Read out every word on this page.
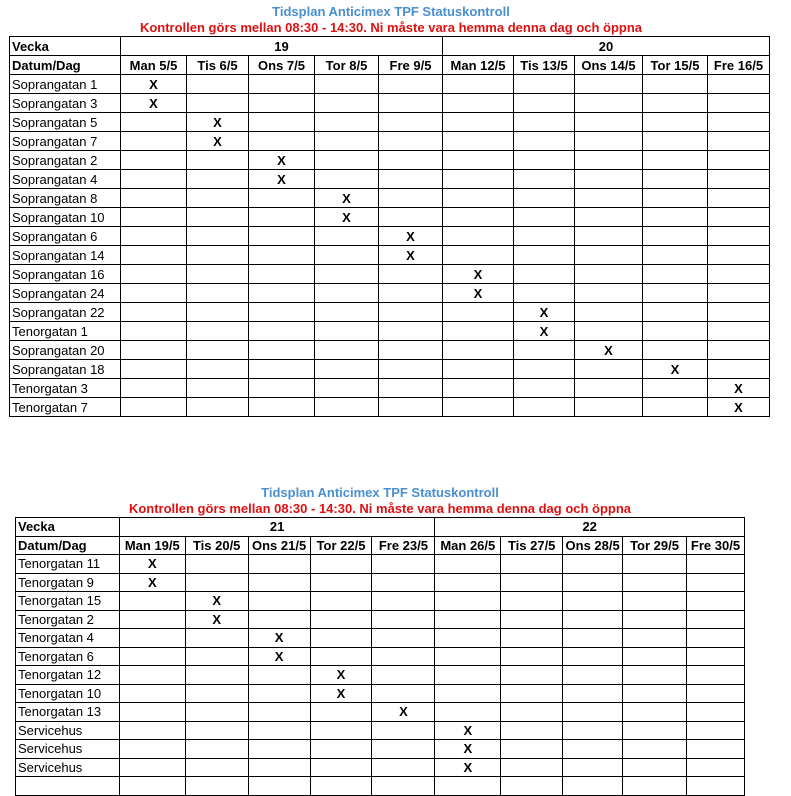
Tidsplan Anticimex TPF Statuskontroll
Kontrollen görs mellan 08:30 - 14:30. Ni måste vara hemma denna dag och öppna
Vecka	19					20				
Datum/Dag	Man 5/5	Tis 6/5	Ons 7/5	Tor 8/5	Fre 9/5	Man 12/5	Tis 13/5	Ons 14/5	Tor 15/5	Fre 16/5
Soprangatan 1	X									
Soprangatan 3	X									
Soprangatan 5		X								
Soprangatan 7		X								
Soprangatan 2			X							
Soprangatan 4			X							
Soprangatan 8				X						
Soprangatan 10				X						
Soprangatan 6					X					
Soprangatan 14					X					
Soprangatan 16						X				
Soprangatan 24						X				
Soprangatan 22							X			
Tenorgatan 1							X			
Soprangatan 20								X		
Soprangatan 18									X	
Tenorgatan 3										X
Tenorgatan 7										X
Tidsplan Anticimex TPF Statuskontroll
Kontrollen görs mellan 08:30 - 14:30. Ni måste vara hemma denna dag och öppna
Vecka	21					22				
Datum/Dag	Man 19/5	Tis 20/5	Ons 21/5	Tor 22/5	Fre 23/5	Man 26/5	Tis 27/5	Ons 28/5	Tor 29/5	Fre 30/5
Tenorgatan 11	X									
Tenorgatan 9	X									
Tenorgatan 15		X								
Tenorgatan 2		X								
Tenorgatan 4			X							
Tenorgatan 6			X							
Tenorgatan 12				X						
Tenorgatan 10				X						
Tenorgatan 13					X					
Servicehus						X				
Servicehus						X				
Servicehus						X				
